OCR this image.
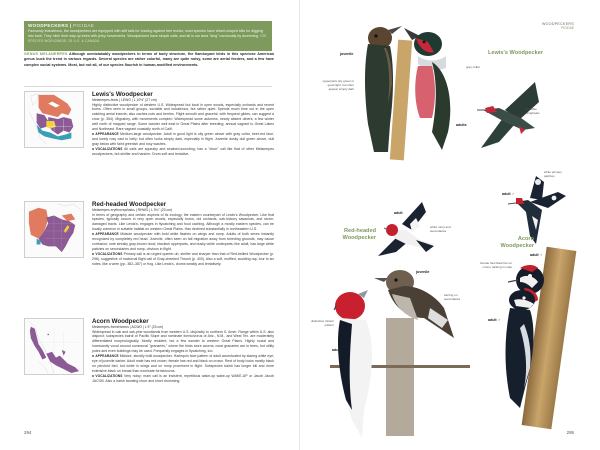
WOODPECKERS | PICIDAE
Famously industrious, the woodpeckers are equipped with stiff tails for bracing against tree trunks; most species have chisel-shaped bills for digging into bark. They hitch their way up trees with jerky movements. Woodpeckers have simple calls, and all in our area "sing" nonvocally by drumming. 235 SPECIES WORLDWIDE; 25 U.S. & CANADA
GENUS MELANERPES Although unmistakably woodpeckers in terms of body structure, the flamboyant birds in this speciose American genus buck the trend in various regards. Several species are rather colorful, many are quite noisy, some are aerial feeders, and a few have complex social systems. Most, but not all, of our species flourish in human-modified environments.
Lewis's Woodpecker
Melanerpes lewis | LEWO | L 10½" (27 cm)
Highly distinctive woodpecker of western U.S. Widespread but local in open woods, especially orchards and recent burns. Often seen in small groups, sociable and industrious, but rather quiet. Spends much time out in the open catching aerial insects; also caches nuts and berries. Flight smooth and graceful, with frequent glides; can suggest a crow (p. 354). Migratory, with movements complex: Widespread some autumns, nearly absent others; a few winter well north of mapped range. Some wander well east in Great Plains after breeding; annual vagrant to Great Lakes and Northeast. Rare vagrant coastally north of Calif.
APPEARANCE Medium-large woodpecker. Adult in good light is oily green above with gray collar, beet-red face, and lovely rosy cast to belly; but often looks simply dark, especially in flight. Juvenile dusky dull green above, dull gray below with faint greenish and rosy washes.
VOCALIZATIONS All calls are squeaky and strained-sounding; has a "churr" call like that of other Melanerpes woodpeckers, but shriller and harsher. Drum soft and tentative.
Red-headed Woodpecker
Melanerpes erythrocephalus | RHWO | L 9¼" (23 cm)
In terms of geography and certain aspects of its ecology, the eastern counterpart of Lewis's Woodpecker. Like that species, typically occurs in very open woods, especially burns, old orchards, oak-hickory savannas, and storm-damaged tracts. Like Lewis's, engages in flycatching and food caching. Although a mostly eastern species, can be locally common in suitable habitat on western Great Plains. Has declined substantially in northeastern U.S.
APPEARANCE Midsize woodpecker with bold white flashes on wings and rump. Adults of both sexes instantly recognized by completely red head. Juvenile, often seen on fall migration away from breeding grounds, may cause confusion; note streaky gray-brown hood, blackish upperparts, and dusky white underparts; like adult, has large white patches on secondaries and rump, obvious in flight.
VOCALIZATIONS Primary call is an urgent queeer-uh, shriller and sharper than that of Red-bellied Woodpecker (p. 296), suggestive of nocturnal flight call of Gray-cheeked Thrush (p. 400). Also a soft, muffled, scolding rap, four to six notes, like a wren (pp. 382–387) or frog. Like Lewis's, drums weakly and tentatively.
Acorn Woodpecker
Melanerpes formicivorus | ACWO | L 9" (23 cm)
Widespread in oak and oak-pine woodlands from western U.S. disjunctly to northern S. Amer. Range within U.S. also disjunct; subspecies bairdi of Pacific Slope and nominate formicivorus of Ariz., N.M., and West Tex. are moderately differentiated morphologically. Mostly resident, but a few wander to western Great Plains. Highly social and incessantly vocal around communal "granaries," where the birds store acorns; most granaries are in trees, but utility poles and even buildings may be used. Frequently engages in flycatching, too.
APPEARANCE Midsize, sturdily built woodpecker. Harlequin face pattern of adult accentuated by staring white eye; eye of juvenile darker. Adult male has red crown; female has red and black on crown. Rest of body looks mostly black on perched bird, but white in wings and on rump prominent in flight. Subspecies bairdi has longer bill and more extensive black on breast than nominate formicivorus.
VOCALIZATIONS Very noisy; main call is an insistent, repetitious wake-up wake-up WAKE-UP or Jacob Jacob JACOB. Also a harsh taunting churr and short drumming.
294
WOODPECKERS
PICIDAE
juvenile
upperparts oily green in good light, but often appear simply dark
gray collar
Lewis's Woodpecker
adults
crowlike wingbeats
Red-headed Woodpecker
adult
white rump and secondaries
juvenile
barring on secondaries
distinctive tricolor pattern
adult
adult ♂
white primary patches
Acorn Woodpecker
adult ♀
female has black bar on crown, lacking in male
adult ♂
295
